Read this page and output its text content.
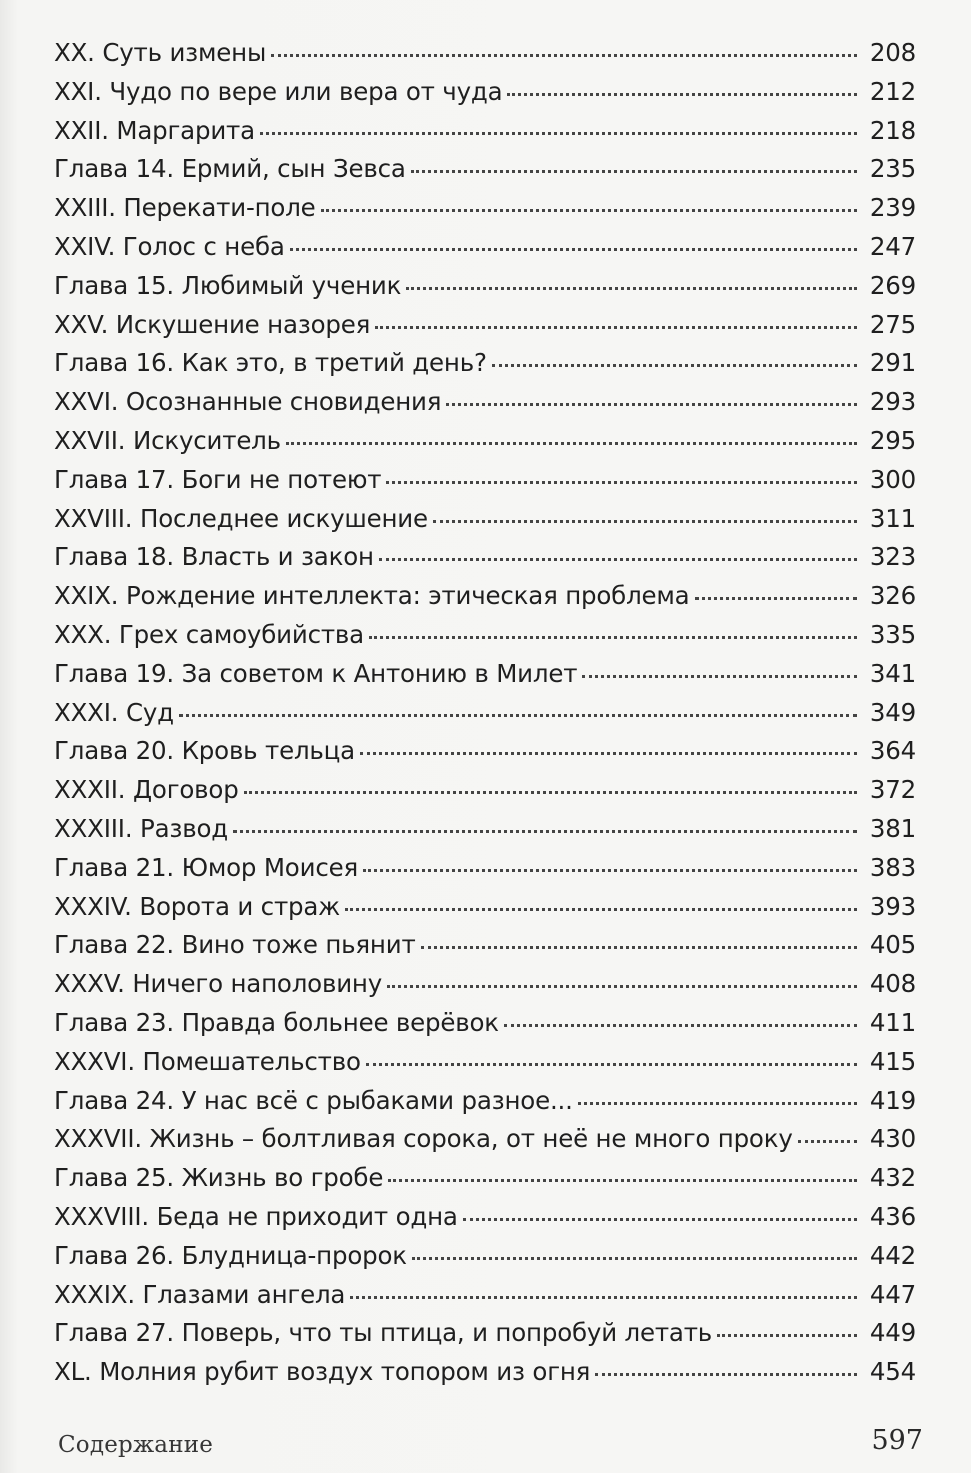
XX. Суть измены	208
XXI. Чудо по вере или вера от чуда	212
XXII. Маргарита	218
Глава 14. Ермий, сын Зевса	235
XXIII. Перекати-поле	239
XXIV. Голос с неба	247
Глава 15. Любимый ученик	269
XXV. Искушение назорея	275
Глава 16. Как это, в третий день?	291
XXVI. Осознанные сновидения	293
XXVII. Искуситель	295
Глава 17. Боги не потеют	300
XXVIII. Последнее искушение	311
Глава 18. Власть и закон	323
XXIX. Рождение интеллекта: этическая проблема	326
XXX. Грех самоубийства	335
Глава 19. За советом к Антонию в Милет	341
XXXI. Суд	349
Глава 20. Кровь тельца	364
XXXII. Договор	372
XXXIII. Развод	381
Глава 21. Юмор Моисея	383
XXXIV. Ворота и страж	393
Глава 22. Вино тоже пьянит	405
XXXV. Ничего наполовину	408
Глава 23. Правда больнее верёвок	411
XXXVI. Помешательство	415
Глава 24. У нас всё с рыбаками разное...	419
XXXVII. Жизнь – болтливая сорока, от неё не много проку	430
Глава 25. Жизнь во гробе	432
XXXVIII. Беда не приходит одна	436
Глава 26. Блудница-пророк	442
XXXIX. Глазами ангела	447
Глава 27. Поверь, что ты птица, и попробуй летать	449
XL. Молния рубит воздух топором из огня	454
Содержание	597
